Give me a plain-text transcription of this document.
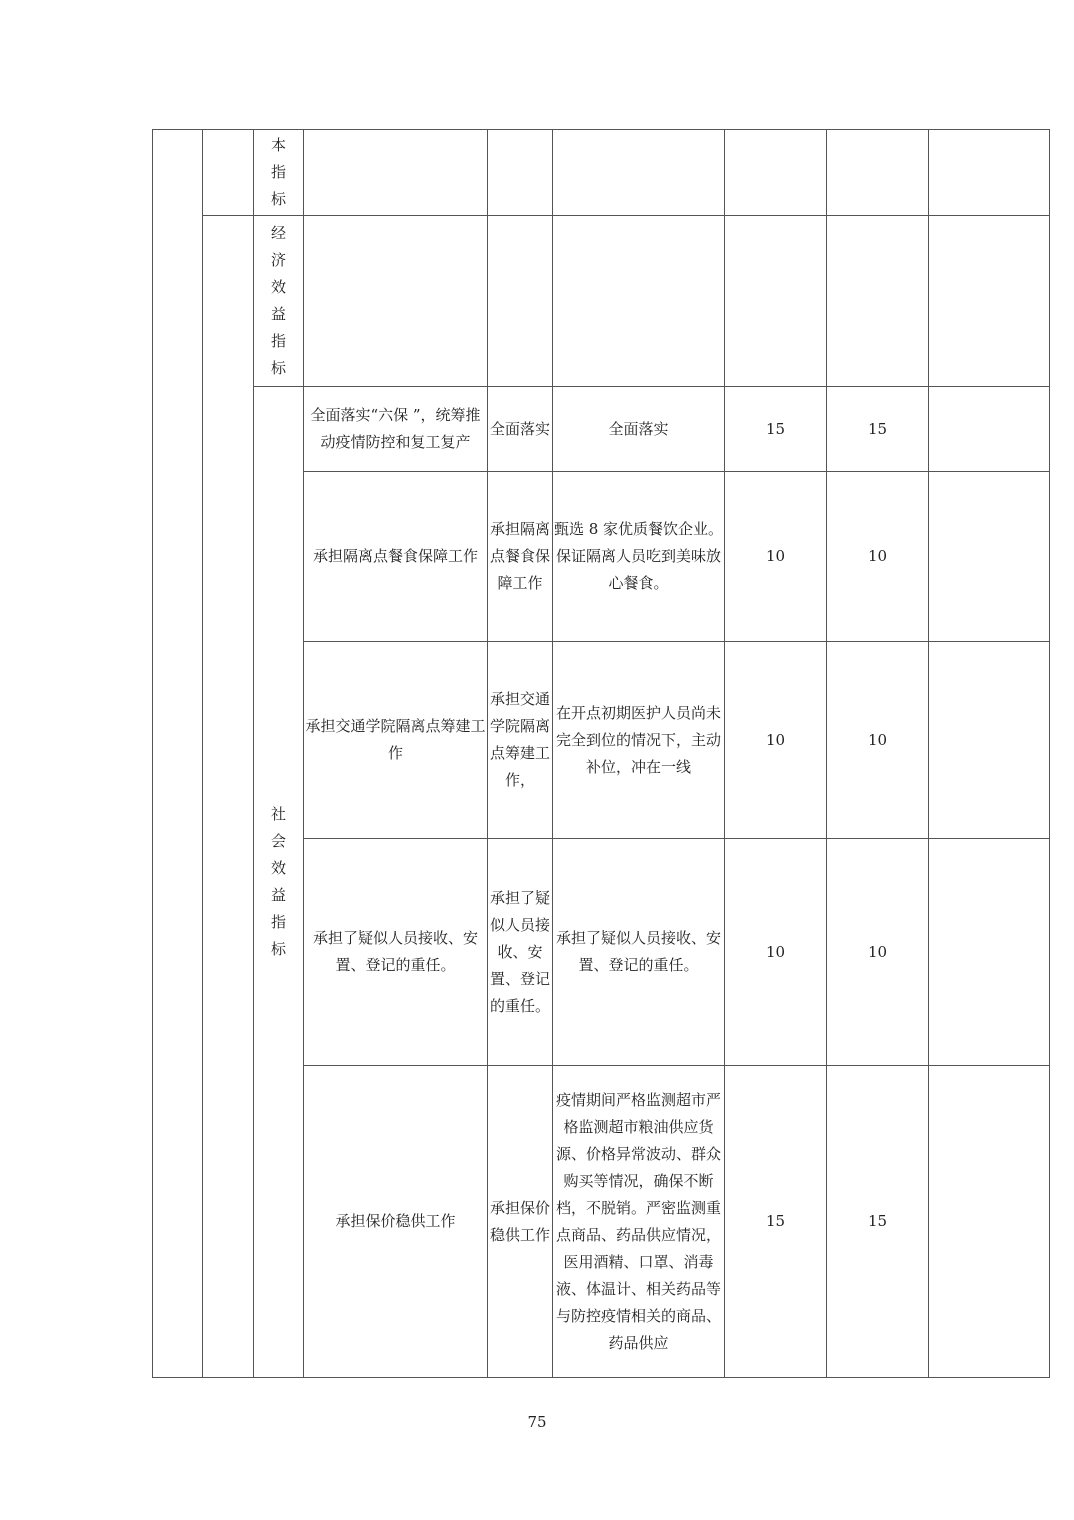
		本指标						
		经济效益指标						
		社会效益指标	全面落实“六保 ”，统筹推动疫情防控和复工复产	全面落实	全面落实	15	15	
			承担隔离点餐食保障工作	承担隔离点餐食保障工作	甄选 8 家优质餐饮企业。保证隔离人员吃到美味放心餐食。	10	10	
			承担交通学院隔离点筹建工作	承担交通学院隔离点筹建工作，	在开点初期医护人员尚未完全到位的情况下，主动补位，冲在一线	10	10	
			承担了疑似人员接收、安置、登记的重任。	承担了疑似人员接收、安置、登记 的重任。	承担了疑似人员接收、安置、登记的重任。	10	10	
			承担保价稳供工作	承担保价稳供工作	疫情期间严格监测超市严格监测超市粮油供应货源、价格异常波动、群众购买等情况，确保不断档，不脱销。严密监测重点商品、药品供应情况，医用酒精、口罩、消毒液、体温计、相关药品等与防控疫情相关的商品、药品供应	15	15	
75
